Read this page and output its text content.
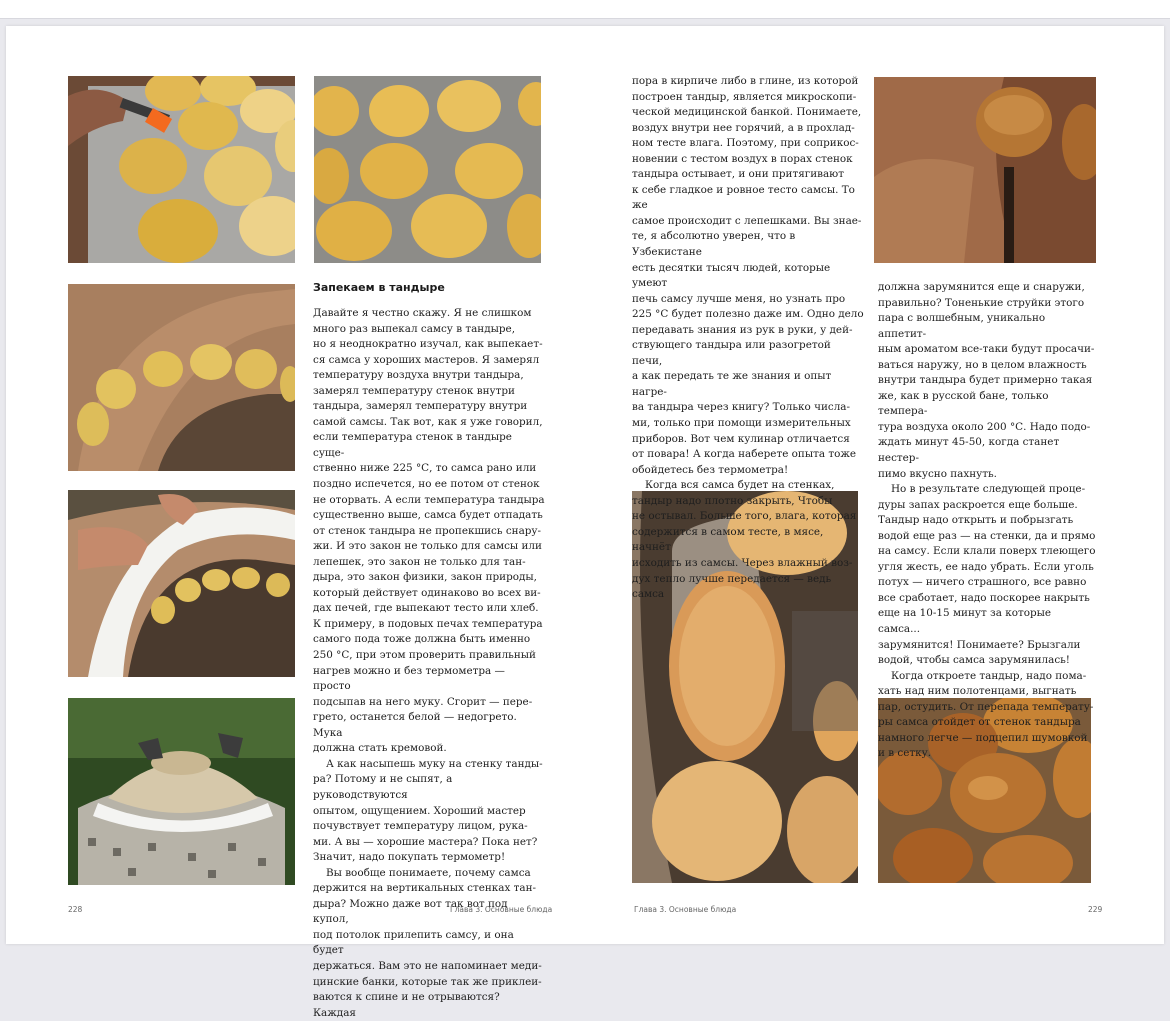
Запекаем в тандыре

Давайте я честно скажу. Я не слишком

много раз выпекал самсу в тандыре,

но я неоднократно изучал, как выпекает-

ся самса у хороших мастеров. Я замерял

температуру воздуха внутри тандыра,

замерял температуру стенок внутри

тандыра, замерял температуру внутри

самой самсы. Так вот, как я уже говорил,

если температура стенок в тандыре суще-

ственно ниже 225 °С, то самса рано или

поздно испечется, но ее потом от стенок

не оторвать. А если температура тандыра

существенно выше, самса будет отпадать

от стенок тандыра не пропекшись снару-

жи. И это закон не только для самсы или

лепешек, это закон не только для тан-

дыра, это закон физики, закон природы,

который действует одинаково во всех ви-

дах печей, где выпекают тесто или хлеб.

К примеру, в подовых печах температура

самого пода тоже должна быть именно

250 °С, при этом проверить правильный

нагрев можно и без термометра — просто

подсыпав на него муку. Сгорит — пере-

грето, останется белой — недогрето. Мука

должна стать кремовой.

А как насыпешь муку на стенку танды-

ра? Потому и не сыпят, а руководствуются

опытом, ощущением. Хороший мастер

почувствует температуру лицом, рука-

ми. А вы — хорошие мастера? Пока нет?

Значит, надо покупать термометр!

Вы вообще понимаете, почему самса

держится на вертикальных стенках тан-

дыра? Можно даже вот так вот под купол,

под потолок прилепить самсу, и она будет

держаться. Вам это не напоминает меди-

цинские банки, которые так же приклеи-

ваются к спине и не отрываются? Каждая

пора в кирпиче либо в глине, из которой

построен тандыр, является микроскопи-

ческой медицинской банкой. Понимаете,

воздух внутри нее горячий, а в прохлад-

ном тесте влага. Поэтому, при соприкос-

новении с тестом воздух в порах стенок

тандыра остывает, и они притягивают

к себе гладкое и ровное тесто самсы. То же

самое происходит с лепешками. Вы знае-

те, я абсолютно уверен, что в Узбекистане

есть десятки тысяч людей, которые умеют

печь самсу лучше меня, но узнать про

225 °С будет полезно даже им. Одно дело

передавать знания из рук в руки, у дей-

ствующего тандыра или разогретой печи,

а как передать те же знания и опыт нагре-

ва тандыра через книгу? Только числа-

ми, только при помощи измерительных

приборов. Вот чем кулинар отличается

от повара! А когда наберете опыта тоже

обойдетесь без термометра!

Когда вся самса будет на стенках,

тандыр надо плотно закрыть, Чтобы

не остывал. Больше того, влага, которая

содержится в самом тесте, в мясе, начнёт

исходить из самсы. Через влажный воз-

дух тепло лучше передается — ведь самса

должна зарумянится еще и снаружи,

правильно? Тоненькие струйки этого

пара с волшебным, уникально аппетит-

ным ароматом все-таки будут просачи-

ваться наружу, но в целом влажность

внутри тандыра будет примерно такая

же, как в русской бане, только темпера-

тура воздуха около 200 °С. Надо подо-

ждать минут 45-50, когда станет нестер-

пимо вкусно пахнуть.

Но в результате следующей проце-

дуры запах раскроется еще больше.

Тандыр надо открыть и побрызгать

водой еще раз — на стенки, да и прямо

на самсу. Если клали поверх тлеющего

угля жесть, ее надо убрать. Если уголь

потух — ничего страшного, все равно

все сработает, надо поскорее накрыть

еще на 10-15 минут за которые самса...

зарумянится! Понимаете? Брызгали

водой, чтобы самса зарумянилась!

Когда откроете тандыр, надо пома-

хать над ним полотенцами, выгнать

пар, остудить. От перепада температу-

ры самса отойдет от стенок тандыра

намного легче — подцепил шумовкой

и в сетку.

228	Глава 3. Основные блюда	Глава 3. Основные блюда	229
